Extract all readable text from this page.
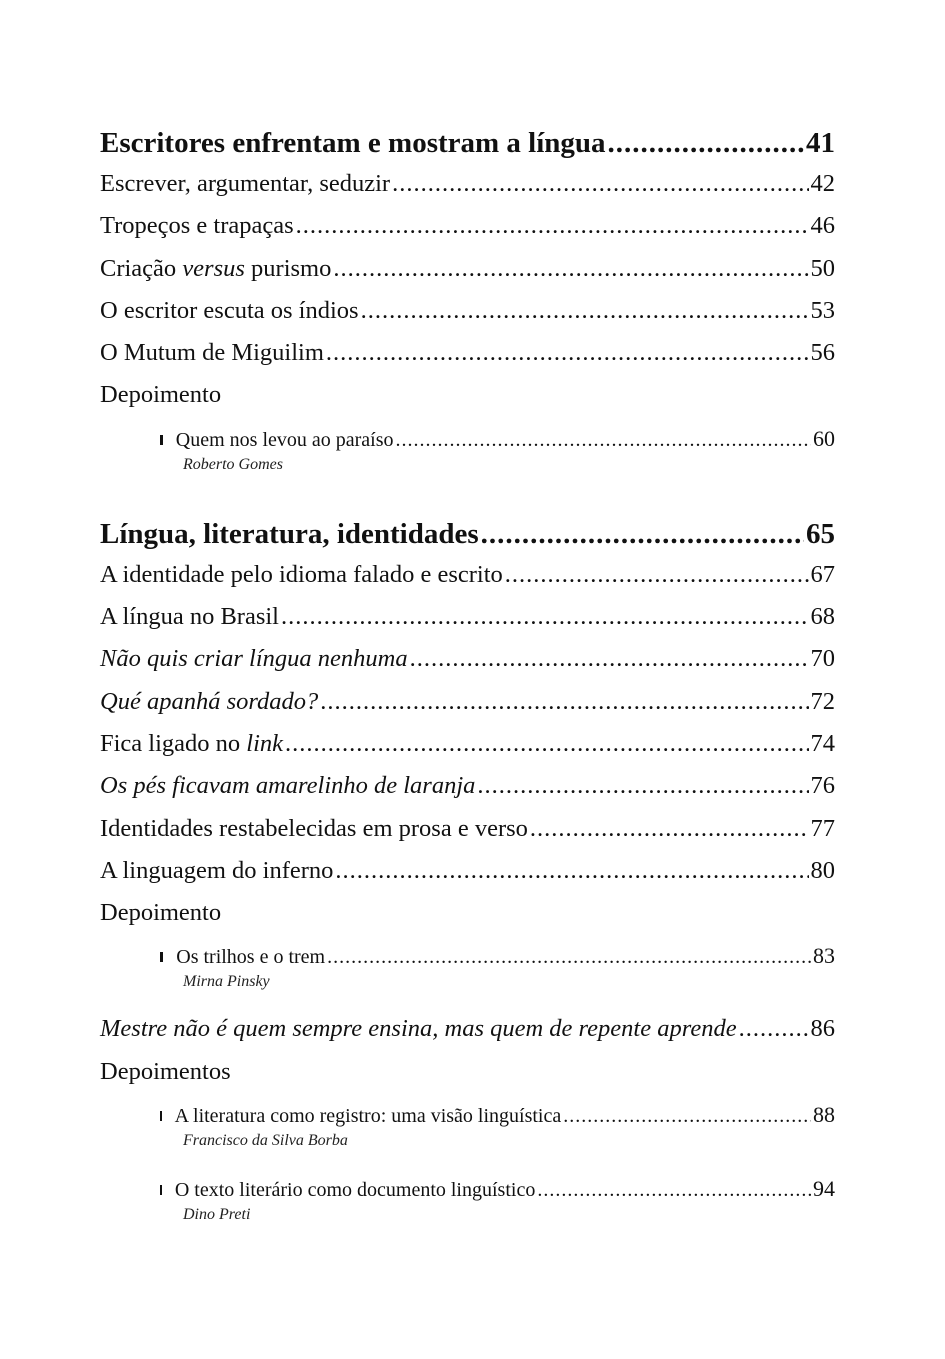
Escritores enfrentam e mostram a língua .....	41
Escrever, argumentar, seduzir .....	42
Tropeços e trapaças .....	46
Criação versus purismo .....	50
O escritor escuta os índios .....	53
O Mutum de Miguilim .....	56
Depoimento
Quem nos levou ao paraíso .....	60
Roberto Gomes
Língua, literatura, identidades .....	65
A identidade pelo idioma falado e escrito .....	67
A língua no Brasil .....	68
Não quis criar língua nenhuma .....	70
Qué apanhá sordado? .....	72
Fica ligado no link .....	74
Os pés ficavam amarelinho de laranja .....	76
Identidades restabelecidas em prosa e verso .....	77
A linguagem do inferno .....	80
Depoimento
Os trilhos e o trem .....	83
Mirna Pinsky
Mestre não é quem sempre ensina, mas quem de repente aprende .....	86
Depoimentos
A literatura como registro: uma visão linguística .....	88
Francisco da Silva Borba
O texto literário como documento linguístico .....	94
Dino Preti
